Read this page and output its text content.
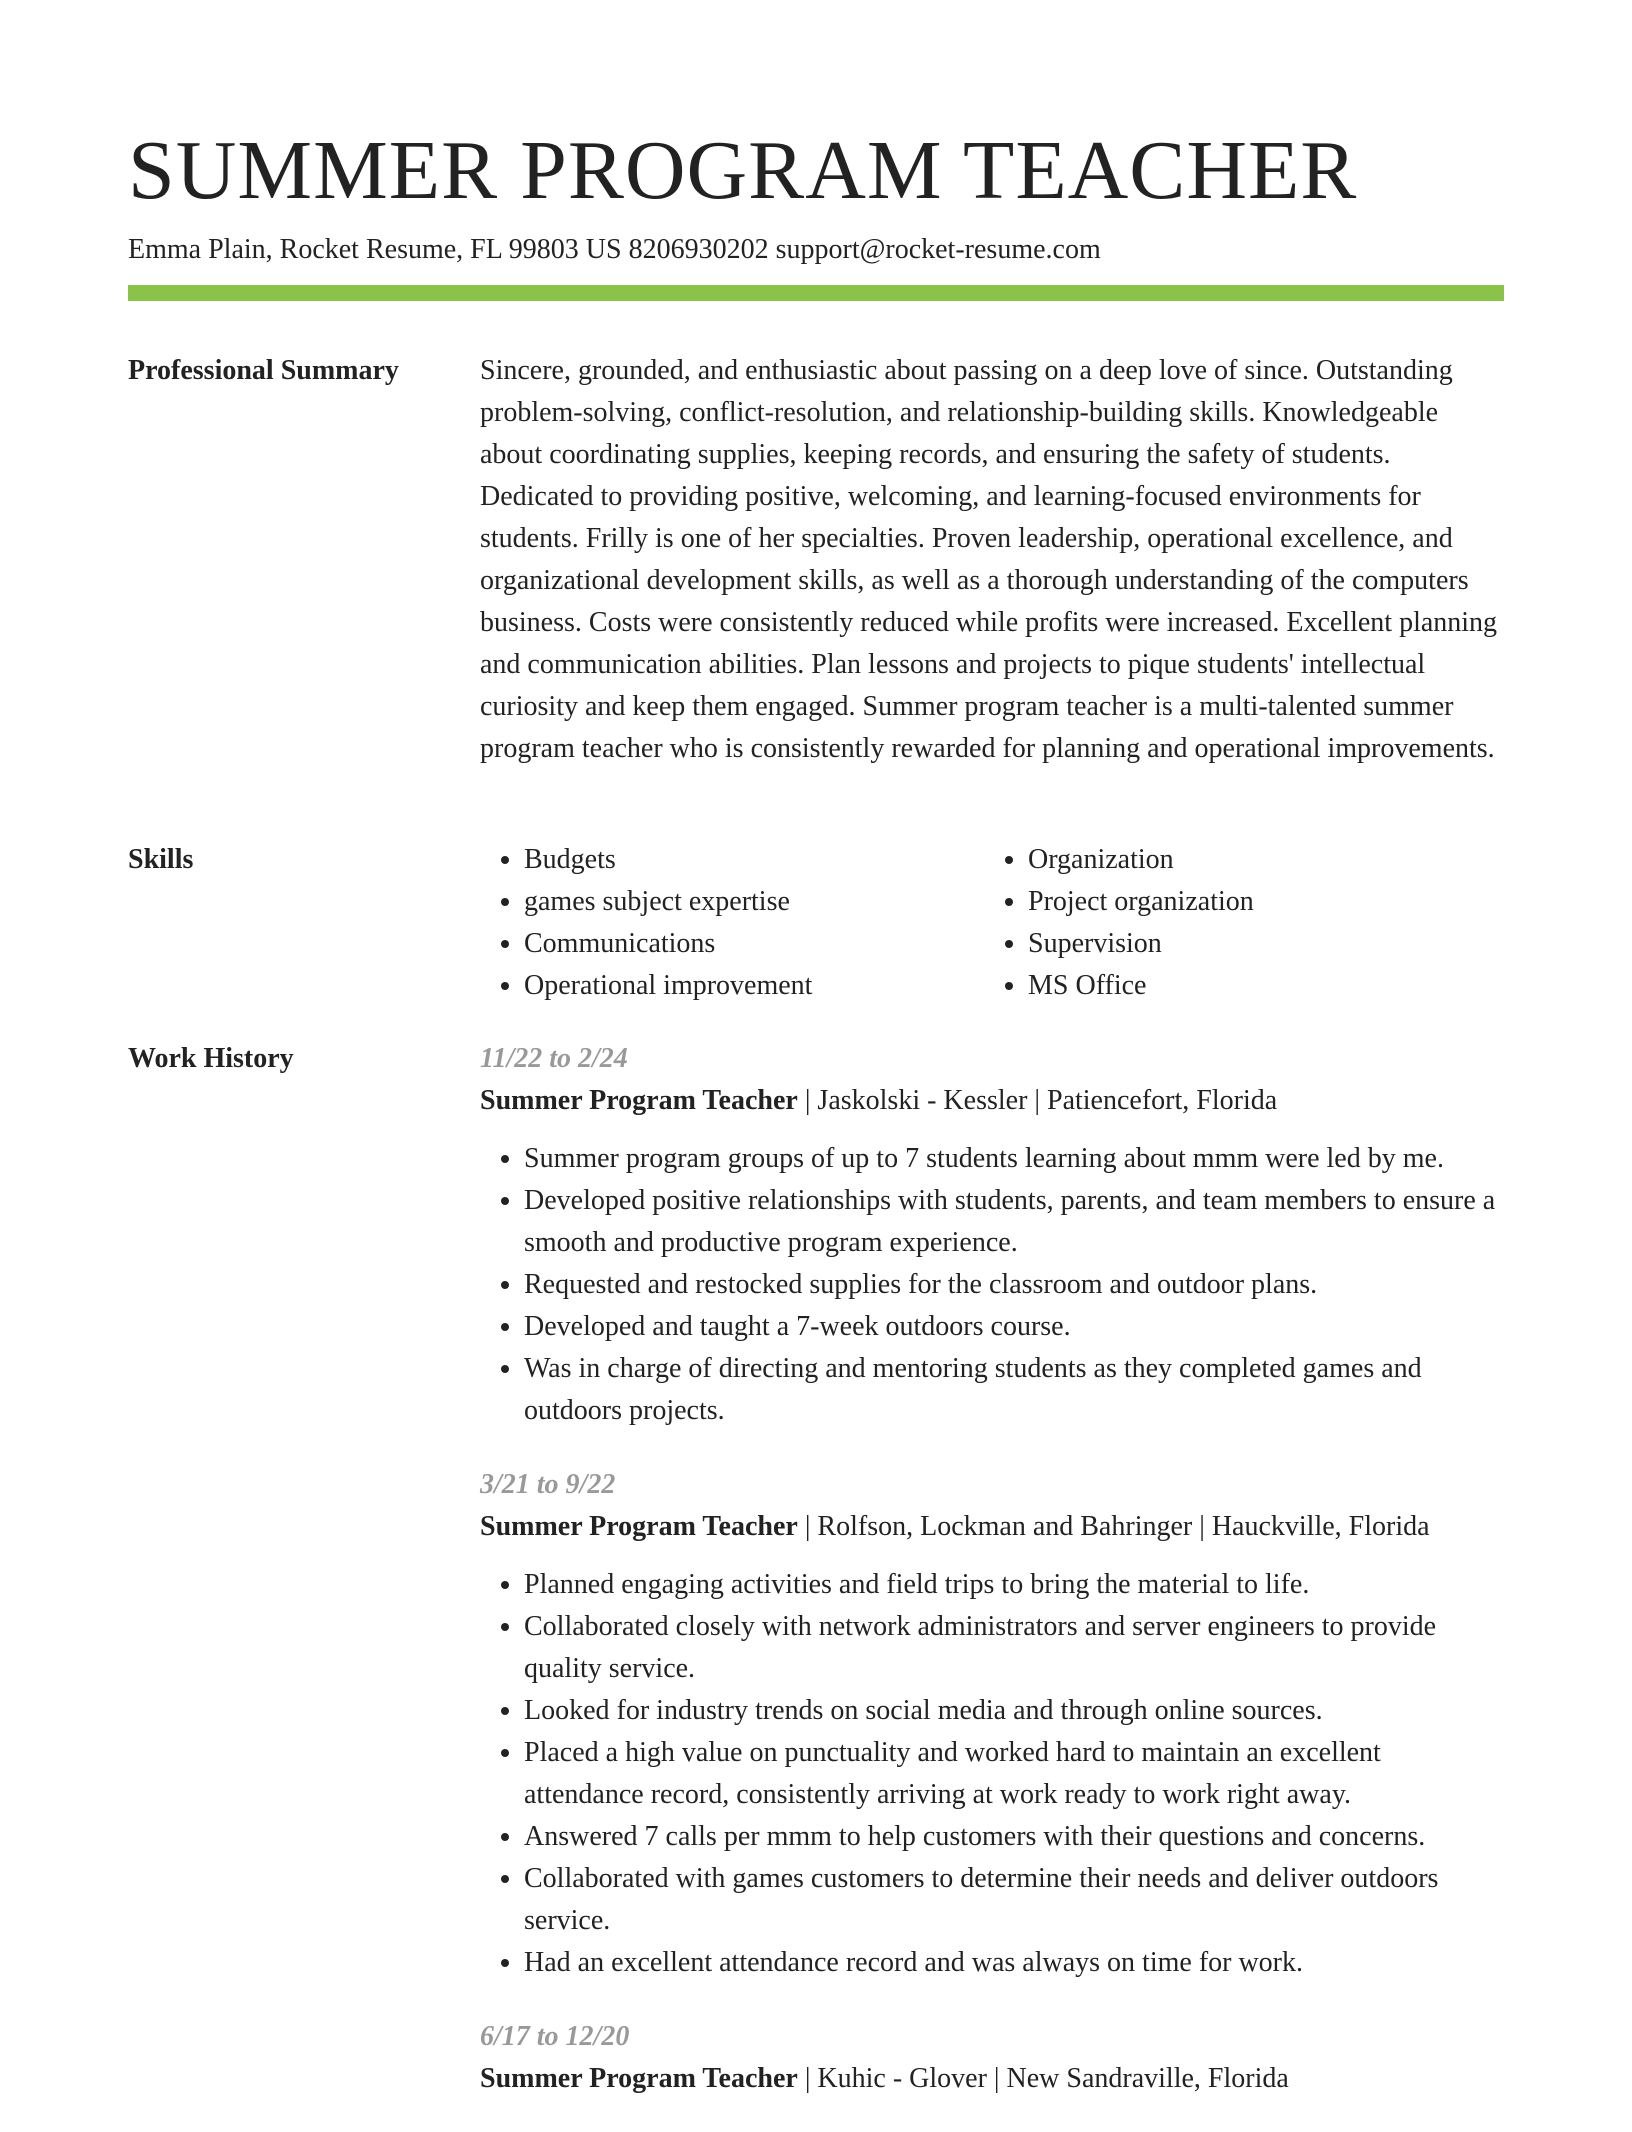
SUMMER PROGRAM TEACHER
Emma Plain, Rocket Resume, FL 99803 US 8206930202 support@rocket-resume.com
Professional Summary	Sincere, grounded, and enthusiastic about passing on a deep love of since. Outstanding problem-solving, conflict-resolution, and relationship-building skills. Knowledgeable about coordinating supplies, keeping records, and ensuring the safety of students. Dedicated to providing positive, welcoming, and learning-focused environments for students. Frilly is one of her specialties. Proven leadership, operational excellence, and organizational development skills, as well as a thorough understanding of the computers business. Costs were consistently reduced while profits were increased. Excellent planning and communication abilities. Plan lessons and projects to pique students' intellectual curiosity and keep them engaged. Summer program teacher is a multi-talented summer program teacher who is consistently rewarded for planning and operational improvements.

Skills
•	Budgets
• games subject expertise
• Communications
• Operational improvement
• Organization
• Project organization
• Supervision
• MS Office
Work History	11/22 to 2/24
Summer Program Teacher | Jaskolski - Kessler | Patiencefort, Florida
• Summer program groups of up to 7 students learning about mmm were led by me.
• Developed positive relationships with students, parents, and team members to ensure a smooth and productive program experience.
• Requested and restocked supplies for the classroom and outdoor plans.
• Developed and taught a 7-week outdoors course.
• Was in charge of directing and mentoring students as they completed games and outdoors projects.
3/21 to 9/22
Summer Program Teacher | Rolfson, Lockman and Bahringer | Hauckville, Florida
• Planned engaging activities and field trips to bring the material to life.
• Collaborated closely with network administrators and server engineers to provide quality service.
• Looked for industry trends on social media and through online sources.
• Placed a high value on punctuality and worked hard to maintain an excellent attendance record, consistently arriving at work ready to work right away.
• Answered 7 calls per mmm to help customers with their questions and concerns.
• Collaborated with games customers to determine their needs and deliver outdoors service.
• Had an excellent attendance record and was always on time for work.
6/17 to 12/20
Summer Program Teacher | Kuhic - Glover | New Sandraville, Florida
